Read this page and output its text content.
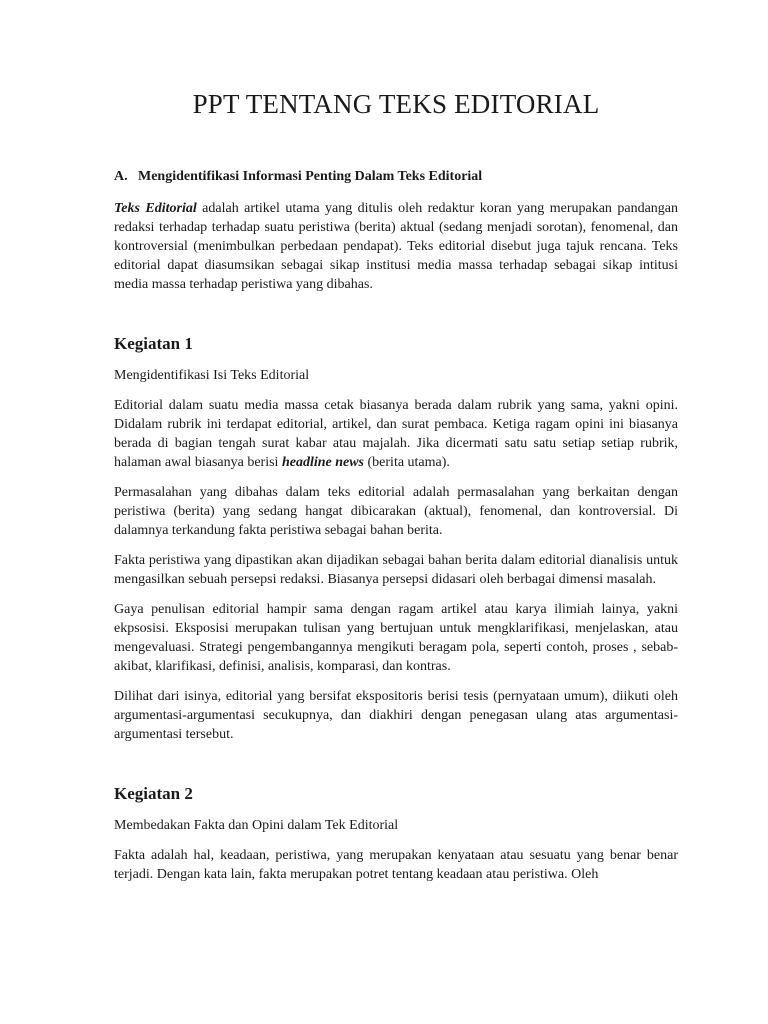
PPT TENTANG TEKS EDITORIAL
A. Mengidentifikasi Informasi Penting Dalam Teks Editorial

Teks Editorial adalah artikel utama yang ditulis oleh redaktur koran yang merupakan pandangan redaksi terhadap terhadap suatu peristiwa (berita) aktual (sedang menjadi sorotan), fenomenal, dan kontroversial (menimbulkan perbedaan pendapat). Teks editorial disebut juga tajuk rencana. Teks editorial dapat diasumsikan sebagai sikap institusi media massa terhadap sebagai sikap intitusi media massa terhadap peristiwa yang dibahas.

Kegiatan 1
Mengidentifikasi Isi Teks Editorial

Editorial dalam suatu media massa cetak biasanya berada dalam rubrik yang sama, yakni opini. Didalam rubrik ini terdapat editorial, artikel, dan surat pembaca. Ketiga ragam opini ini biasanya berada di bagian tengah surat kabar atau majalah. Jika dicermati satu satu setiap setiap rubrik, halaman awal biasanya berisi headline news (berita utama).

Permasalahan yang dibahas dalam teks editorial adalah permasalahan yang berkaitan dengan peristiwa (berita) yang sedang hangat dibicarakan (aktual), fenomenal, dan kontroversial. Di dalamnya terkandung fakta peristiwa sebagai bahan berita.

Fakta peristiwa yang dipastikan akan dijadikan sebagai bahan berita dalam editorial dianalisis untuk mengasilkan sebuah persepsi redaksi. Biasanya persepsi didasari oleh berbagai dimensi masalah.

Gaya penulisan editorial hampir sama dengan ragam artikel atau karya ilimiah lainya, yakni ekpsosisi. Eksposisi merupakan tulisan yang bertujuan untuk mengklarifikasi, menjelaskan, atau mengevaluasi. Strategi pengembangannya mengikuti beragam pola, seperti contoh, proses , sebab-akibat, klarifikasi, definisi, analisis, komparasi, dan kontras.

Dilihat dari isinya, editorial yang bersifat ekspositoris berisi tesis (pernyataan umum), diikuti oleh argumentasi-argumentasi secukupnya, dan diakhiri dengan penegasan ulang atas argumentasi-argumentasi tersebut.

Kegiatan 2
Membedakan Fakta dan Opini dalam Tek Editorial

Fakta adalah hal, keadaan, peristiwa, yang merupakan kenyataan atau sesuatu yang benar benar terjadi. Dengan kata lain, fakta merupakan potret tentang keadaan atau peristiwa. Oleh
